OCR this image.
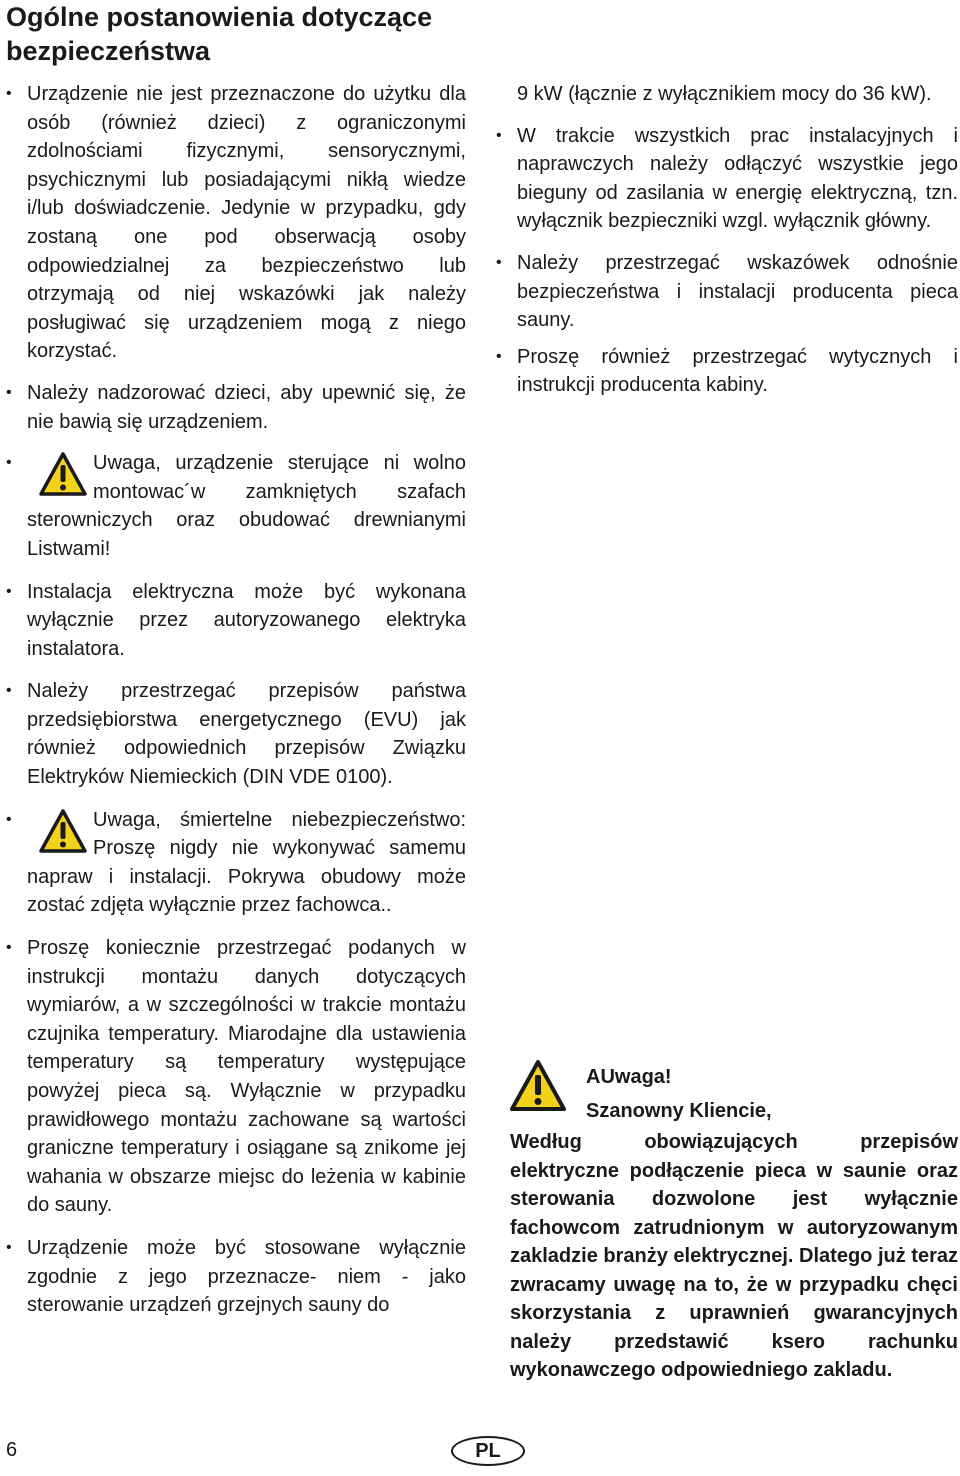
Ogólne postanowienia dotyczące bezpieczeństwa

• Urządzenie nie jest przeznaczone do użytku dla osób (również dzieci) z ograniczonymi zdolnościami fizycznymi, sensorycznymi, psychicznymi lub posiadającymi nikłą wiedze i/lub doświadczenie. Jedynie w przypadku, gdy zostaną one pod obserwacją osoby odpowiedzialnej za bezpieczeństwo lub otrzymają od niej wskazówki jak należy posługiwać się urządzeniem mogą z niego korzystać.

• Należy nadzorować dzieci, aby upewnić się, że nie bawią się urządzeniem.

•	Uwaga, urządzenie sterujące ni wolno montowac´w zamkniętych szafach sterowniczych oraz obudować drewnianymi Listwami!

• Instalacja elektryczna może być wykonana wyłącznie przez autoryzowanego elektryka instalatora.

• Należy przestrzegać przepisów państwa przedsiębiorstwa energetycznego (EVU) jak również odpowiednich przepisów Związku Elektryków Niemieckich (DIN VDE 0100).

•	Uwaga, śmiertelne niebezpieczeństwo: Proszę nigdy nie wykonywać samemu napraw i instalacji. Pokrywa obudowy może zostać zdjęta wyłącznie przez fachowca..

• Proszę koniecznie przestrzegać podanych w instrukcji montażu danych dotyczących wymiarów, a w szczególności w trakcie montażu czujnika temperatury. Miarodajne dla ustawienia temperatury są temperatury występujące powyżej pieca są. Wyłącznie w przypadku prawidłowego montażu zachowane są wartości graniczne temperatury i osiągane są znikome jej wahania w obszarze miejsc do leżenia w kabinie do sauny.

• Urządzenie może być stosowane wyłącznie zgodnie z jego przeznacze- niem - jako sterowanie urządzeń grzejnych sauny do

9 kW (łącznie z wyłącznikiem mocy do 36 kW).

• W trakcie wszystkich prac instalacyjnych i naprawczych należy odłączyć wszystkie jego bieguny od zasilania w energię elektryczną, tzn. wyłącznik bezpieczniki wzgl. wyłącznik główny.

• Należy przestrzegać wskazówek odnośnie bezpieczeństwa i instalacji producenta pieca sauny.

• Proszę również przestrzegać wytycznych i instrukcji producenta kabiny.

AUwaga!
Szanowny Kliencie,
Według obowiązujących przepisów elektryczne podłączenie pieca w saunie oraz sterowania dozwolone jest wyłącznie fachowcom zatrudnionym w autoryzowanym zakladzie branży elektrycznej. Dlatego już teraz zwracamy uwagę na to, że w przypadku chęci skorzystania z uprawnień gwarancyjnych należy przedstawić ksero rachunku wykonawczego odpowiedniego zakladu.
6	PL
